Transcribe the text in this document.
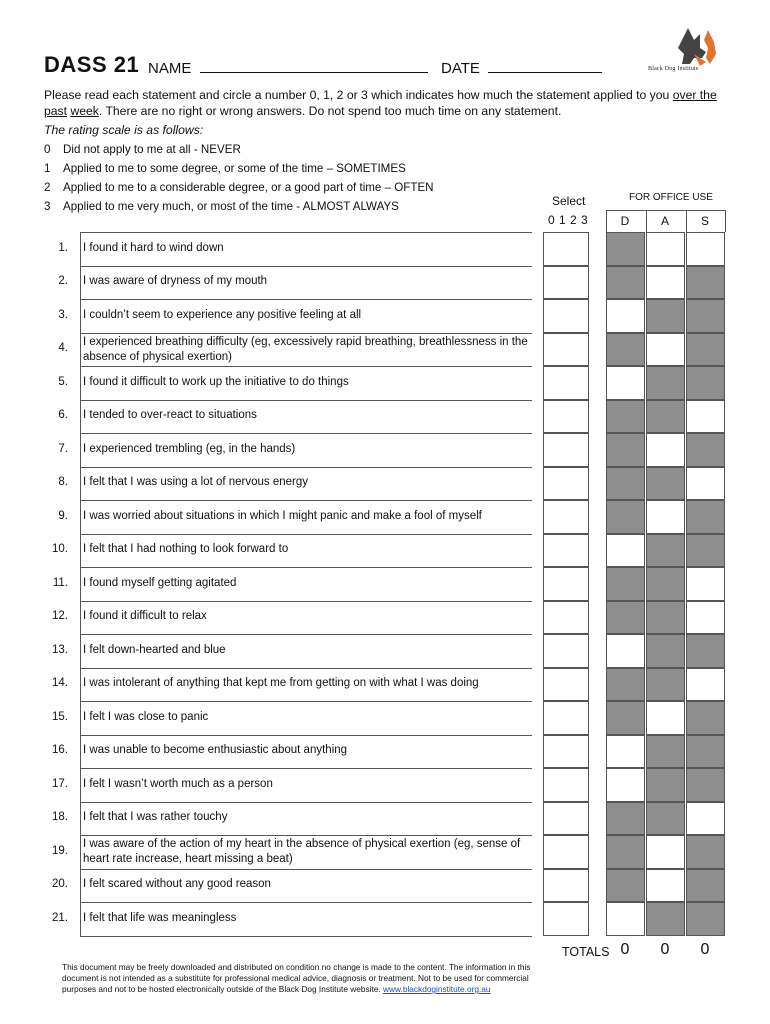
DASS 21 NAME	DATE	Black Dog Institute
Please read each statement and circle a number 0, 1, 2 or 3 which indicates how much the statement applied to you over the past week. There are no right or wrong answers. Do not spend too much time on any statement.
The rating scale is as follows:
0 Did not apply to me at all - NEVER
1 Applied to me to some degree, or some of the time – SOMETIMES
2 Applied to me to a considerable degree, or a good part of time – OFTEN
3 Applied to me very much, or most of the time - ALMOST ALWAYS	Select
0 1 2 3
FOR OFFICE USE
D	A	S
1. I found it hard to wind down
2. I was aware of dryness of my mouth
3. I couldn’t seem to experience any positive feeling at all
4.
I experienced breathing difficulty (eg, excessively rapid breathing, breathlessness in the absence of physical exertion)
5. I found it difficult to work up the initiative to do things
6. I tended to over-react to situations
7. I experienced trembling (eg, in the hands)
8. I felt that I was using a lot of nervous energy
9. I was worried about situations in which I might panic and make a fool of myself
10. I felt that I had nothing to look forward to
11. I found myself getting agitated
12. I found it difficult to relax
13. I felt down-hearted and blue
14. I was intolerant of anything that kept me from getting on with what I was doing
15. I felt I was close to panic
16. I was unable to become enthusiastic about anything
17. I felt I wasn’t worth much as a person
18. I felt that I was rather touchy
19.
I was aware of the action of my heart in the absence of physical exertion (eg, sense of heart rate increase, heart missing a beat)
20. I felt scared without any good reason
21. I felt that life was meaningless
TOTALS 0	0	0
This document may be freely downloaded and distributed on condition no change is made to the content. The information in this document is not intended as a substitute for professional medical advice, diagnosis or treatment. Not to be used for commercial purposes and not to be hosted electronically outside of the Black Dog Institute website. www.blackdoginstitute.org.au
